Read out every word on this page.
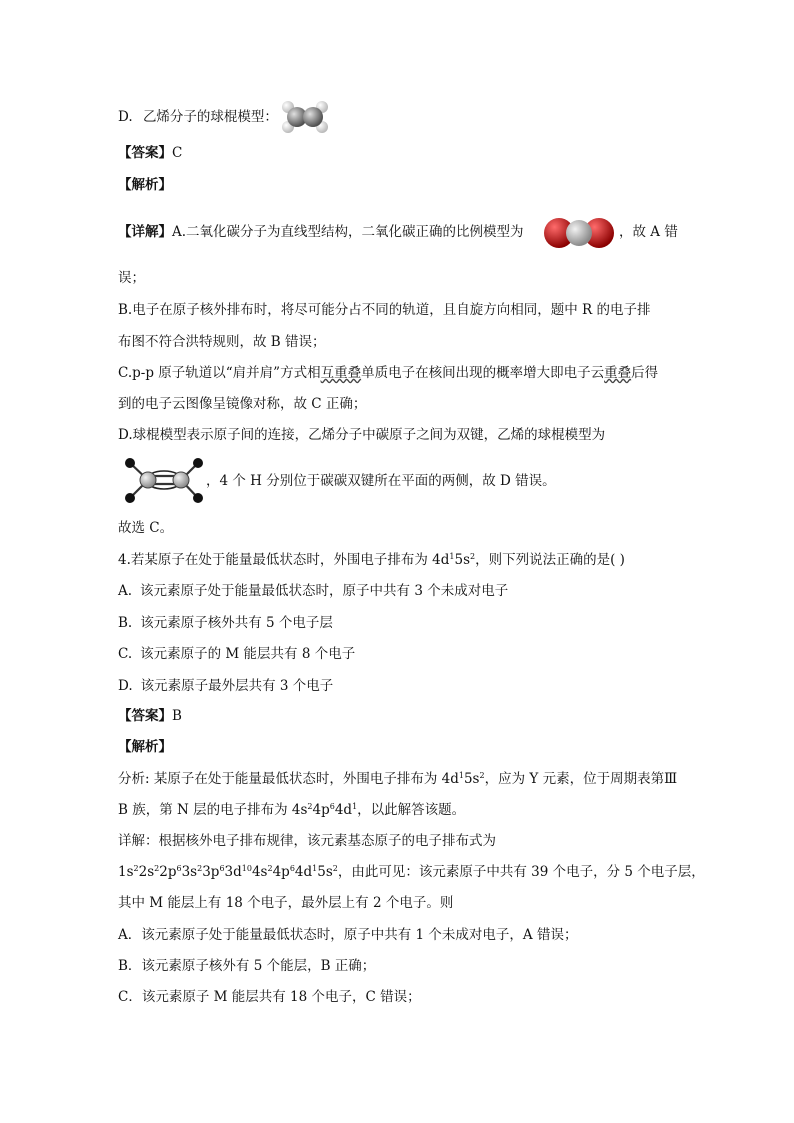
D. 乙烯分子的球棍模型：
【答案】C
【解析】
【详解】A.二氧化碳分子为直线型结构，二氧化碳正确的比例模型为	，故 A 错
误；
B.电子在原子核外排布时，将尽可能分占不同的轨道，且自旋方向相同，题中 R 的电子排
布图不符合洪特规则，故 B 错误；
C.p-p 原子轨道以“肩并肩”方式相互重叠单质电子在核间出现的概率增大即电子云重叠后得
到的电子云图像呈镜像对称，故 C 正确；
D.球棍模型表示原子间的连接，乙烯分子中碳原子之间为双键，乙烯的球棍模型为
，4 个 H 分别位于碳碳双键所在平面的两侧，故 D 错误。
故选 C。
4.若某原子在处于能量最低状态时，外围电子排布为 $4d^15s^2$，则下列说法正确的是( )
A. 该元素原子处于能量最低状态时，原子中共有 3 个未成对电子
B. 该元素原子核外共有 5 个电子层
C. 该元素原子的 M 能层共有 8 个电子
D. 该元素原子最外层共有 3 个电子
【答案】B
【解析】
分析: 某原子在处于能量最低状态时，外围电子排布为 $4d^15s^2$，应为 Y 元素，位于周期表第Ⅲ
B 族，第 N 层的电子排布为 $4s^24p^64d^1$，以此解答该题。
详解：根据核外电子排布规律，该元素基态原子的电子排布式为
$1s^22s^22p^63s^23p^63d^{10}4s^24p^64d^15s^2$，由此可见：该元素原子中共有 39 个电子，分 5 个电子层，
其中 M 能层上有 18 个电子，最外层上有 2 个电子。则
A．该元素原子处于能量最低状态时，原子中共有 1 个未成对电子，A 错误；
B．该元素原子核外有 5 个能层，B 正确；
C．该元素原子 M 能层共有 18 个电子，C 错误；
